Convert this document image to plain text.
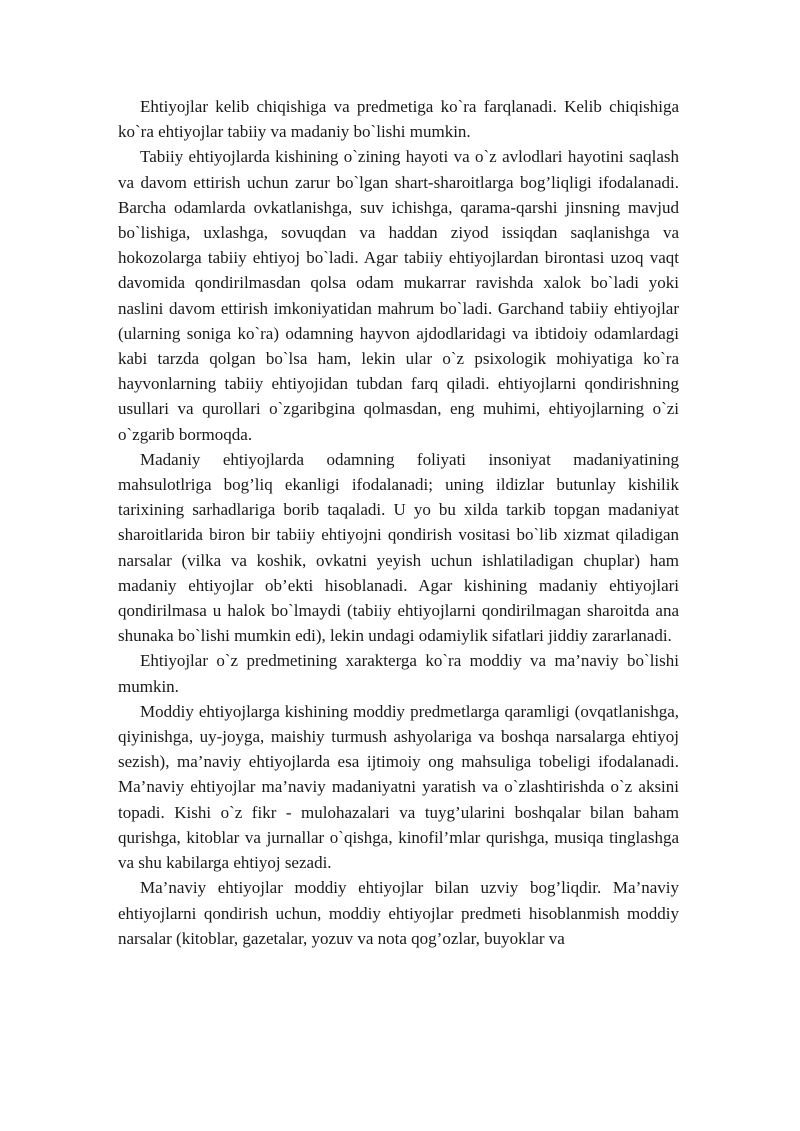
Ehtiyojlar kelib chiqishiga va predmetiga ko`ra farqlanadi. Kelib chiqishiga ko`ra ehtiyojlar tabiiy va madaniy bo`lishi mumkin.

Tabiiy ehtiyojlarda kishining o`zining hayoti va o`z avlodlari hayotini saqlash va davom ettirish uchun zarur bo`lgan shart-sharoitlarga bog’liqligi ifodalanadi. Barcha odamlarda ovkatlanishga, suv ichishga, qarama-qarshi jinsning mavjud bo`lishiga, uxlashga, sovuqdan va haddan ziyod issiqdan saqlanishga va hokozolarga tabiiy ehtiyoj bo`ladi. Agar tabiiy ehtiyojlardan birontasi uzoq vaqt davomida qondirilmasdan qolsa odam mukarrar ravishda xalok bo`ladi yoki naslini davom ettirish imkoniyatidan mahrum bo`ladi. Garchand tabiiy ehtiyojlar (ularning soniga ko`ra) odamning hayvon ajdodlaridagi va ibtidoiy odamlardagi kabi tarzda qolgan bo`lsa ham, lekin ular o`z psixologik mohiyatiga ko`ra hayvonlarning tabiiy ehtiyojidan tubdan farq qiladi. ehtiyojlarni qondirishning usullari va qurollari o`zgaribgina qolmasdan, eng muhimi, ehtiyojlarning o`zi o`zgarib bormoqda.

Madaniy ehtiyojlarda odamning foliyati insoniyat madaniyatining mahsulotlriga bog’liq ekanligi ifodalanadi; uning ildizlar butunlay kishilik tarixining sarhadlariga borib taqaladi. U yo bu xilda tarkib topgan madaniyat sharoitlarida biron bir tabiiy ehtiyojni qondirish vositasi bo`lib xizmat qiladigan narsalar (vilka va koshik, ovkatni yeyish uchun ishlatiladigan chuplar) ham madaniy ehtiyojlar ob’ekti hisoblanadi. Agar kishining madaniy ehtiyojlari qondirilmasa u halok bo`lmaydi (tabiiy ehtiyojlarni qondirilmagan sharoitda ana shunaka bo`lishi mumkin edi), lekin undagi odamiylik sifatlari jiddiy zararlanadi.

Ehtiyojlar o`z predmetining xarakterga ko`ra moddiy va ma’naviy bo`lishi mumkin.

Moddiy ehtiyojlarga kishining moddiy predmetlarga qaramligi (ovqatlanishga, qiyinishga, uy-joyga, maishiy turmush ashyolariga va boshqa narsalarga ehtiyoj sezish), ma’naviy ehtiyojlarda esa ijtimoiy ong mahsuliga tobeligi ifodalanadi. Ma’naviy ehtiyojlar ma’naviy madaniyatni yaratish va o`zlashtirishda o`z aksini topadi. Kishi o`z fikr - mulohazalari va tuyg’ularini boshqalar bilan baham qurishga, kitoblar va jurnallar o`qishga, kinofil’mlar qurishga, musiqa tinglashga va shu kabilarga ehtiyoj sezadi.

Ma’naviy ehtiyojlar moddiy ehtiyojlar bilan uzviy bog’liqdir. Ma’naviy ehtiyojlarni qondirish uchun, moddiy ehtiyojlar predmeti hisoblanmish moddiy narsalar (kitoblar, gazetalar, yozuv va nota qog’ozlar, buyoklar va
